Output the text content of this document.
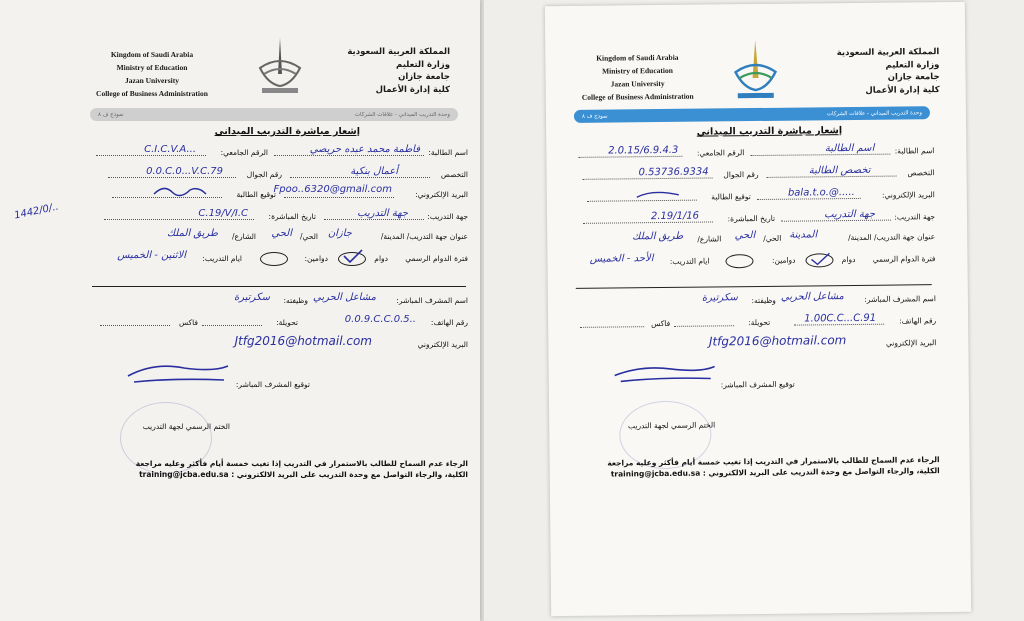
Kingdom of Saudi Arabia
Ministry of Education
Jazan University
College of Business Administration
المملكة العربية السعودية
وزارة التعليم
جامعة جازان
كلية إدارة الأعمال
وحدة التدريب الميداني - علاقات الشركات
نموذج ف ٨
إشعار مباشرة التدريب الميداني
اسم الطالبة:
فاطمة محمد عبده حريصي
الرقم الجامعي:
C.I.C.V.A...
التخصص
أعمال بنكية
رقم الجوال
0.0.C.0...V.C.79
البريد الإلكتروني:
Fpoo..6320@gmail.com
توقيع الطالبة
جهة التدريب:
جهة التدريب
تاريخ المباشرة:
C.19/V/I.C
1442/0/..
عنوان جهة التدريب/ المدينة/
جازان
الحي/
الحي
الشارع/
طريق الملك
فترة الدوام الرسمي
دوام
دوامين:
ايام التدريب:
الاثنين - الخميس
اسم المشرف المباشر:
مشاعل الحربي
وظيفته:
سكرتيرة
رقم الهاتف:
0.0.9.C.C.0.5..
تحويلة:
فاكس
البريد الإلكتروني
Jtfg2016@hotmail.com
توقيع المشرف المباشر:
الختم الرسمي لجهة التدريب
الرجاء عدم السماح للطالب بالاستمرار في التدريب إذا تغيب خمسة أيام فأكثر وعليه مراجعة
الكلية، والرجاء التواصل مع وحدة التدريب على البريد الالكتروني : training@jcba.edu.sa
Kingdom of Saudi Arabia
Ministry of Education
Jazan University
College of Business Administration
المملكة العربية السعودية
وزارة التعليم
جامعة جازان
كلية إدارة الأعمال
وحدة التدريب الميداني - علاقات الشركات
نموذج ف ٨
إشعار مباشرة التدريب الميداني
اسم الطالبة:
اسم الطالبة
الرقم الجامعي:
2.0.15/6.9.4.3
التخصص
تخصص الطالبة
رقم الجوال
0.53736.9334
البريد الإلكتروني:
bala.t.o.@.....
توقيع الطالبة
جهة التدريب:
جهة التدريب
تاريخ المباشرة:
2.19/1/16
عنوان جهة التدريب/ المدينة/
المدينة
الحي/
الحي
الشارع/
طريق الملك
فترة الدوام الرسمي
دوام
دوامين:
ايام التدريب:
الأحد - الخميس
اسم المشرف المباشر:
مشاعل الحربي
وظيفته:
سكرتيرة
رقم الهاتف:
1.00C.C...C.91
تحويلة:
فاكس
البريد الإلكتروني
Jtfg2016@hotmail.com
توقيع المشرف المباشر:
الختم الرسمي لجهة التدريب
الرجاء عدم السماح للطالب بالاستمرار في التدريب إذا تغيب خمسة أيام فأكثر وعليه مراجعة
الكلية، والرجاء التواصل مع وحدة التدريب على البريد الالكتروني : training@jcba.edu.sa
